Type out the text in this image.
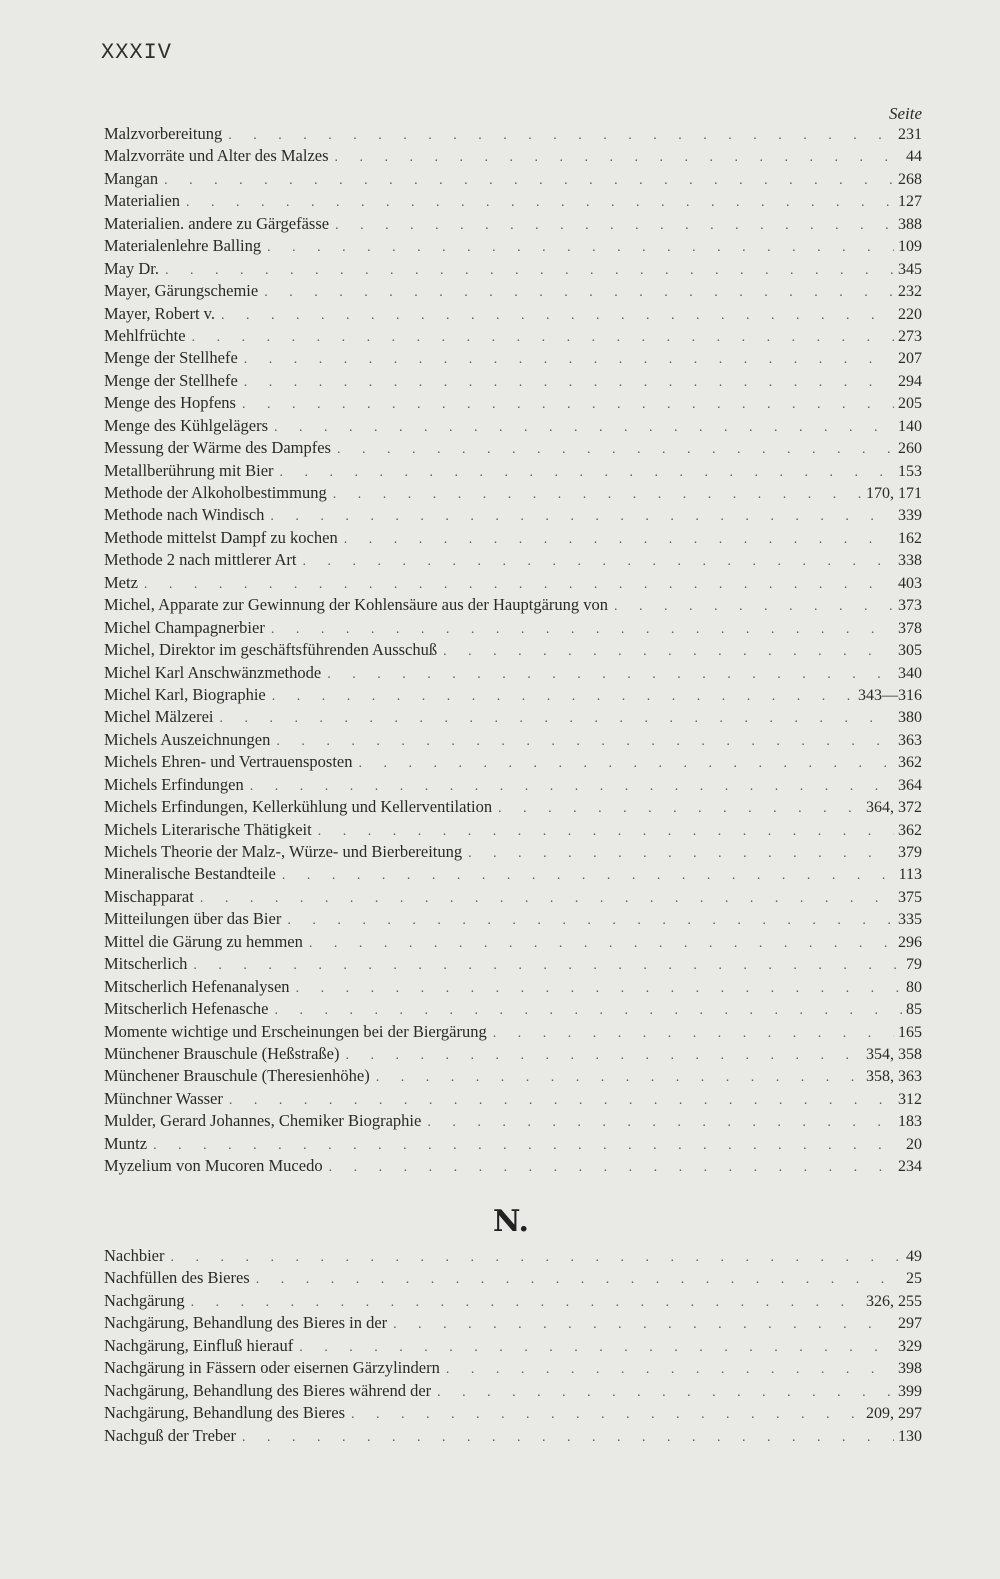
XXXIV
Seite
Malzvorbereitung . . .	231
Malzvorräte und Alter des Malzes . . .	44
Mangan . . .	268
Materialien . . .	127
Materialien. andere zu Gärgefässe . . .	388
Materialenlehre Balling . . .	109
May Dr. . . .	345
Mayer, Gärungschemie . . .	232
Mayer, Robert v. . . .	220
Mehlfrüchte . . .	273
Menge der Stellhefe . . .	207
Menge der Stellhefe . . .	294
Menge des Hopfens . . .	205
Menge des Kühlgelägers . . .	140
Messung der Wärme des Dampfes . . .	260
Metallberührung mit Bier . . .	153
Methode der Alkoholbestimmung . . .	170, 171
Methode nach Windisch . . .	339
Methode mittelst Dampf zu kochen . . .	162
Methode 2 nach mittlerer Art . . .	338
Metz . . .	403
Michel, Apparate zur Gewinnung der Kohlensäure aus der Hauptgärung von . . .	373
Michel Champagnerbier . . .	378
Michel, Direktor im geschäftsführenden Ausschuß . . .	305
Michel Karl Anschwänzmethode . . .	340
Michel Karl, Biographie . . .	343—316
Michel Mälzerei . . .	380
Michels Auszeichnungen . . .	363
Michels Ehren- und Vertrauensposten . . .	362
Michels Erfindungen . . .	364
Michels Erfindungen, Kellerkühlung und Kellerventilation . . .	364, 372
Michels Literarische Thätigkeit . . .	362
Michels Theorie der Malz-, Würze- und Bierbereitung . . .	379
Mineralische Bestandteile . . .	113
Mischapparat . . .	375
Mitteilungen über das Bier . . .	335
Mittel die Gärung zu hemmen . . .	296
Mitscherlich . . .	79
Mitscherlich Hefenanalysen . . .	80
Mitscherlich Hefenasche . . .	85
Momente wichtige und Erscheinungen bei der Biergärung . . .	165
Münchener Brauschule (Heßstraße) . . .	354, 358
Münchener Brauschule (Theresienhöhe) . . .	358, 363
Münchner Wasser . . .	312
Mulder, Gerard Johannes, Chemiker Biographie . . .	183
Muntz . . .	20
Myzelium von Mucoren Mucedo . . .	234
N.
Nachbier . . .	49
Nachfüllen des Bieres . . .	25
Nachgärung . . .	326, 255
Nachgärung, Behandlung des Bieres in der . . .	297
Nachgärung, Einfluß hierauf . . .	329
Nachgärung in Fässern oder eisernen Gärzylindern . . .	398
Nachgärung, Behandlung des Bieres während der . . .	399
Nachgärung, Behandlung des Bieres . . .	209, 297
Nachguß der Treber . . .	130
